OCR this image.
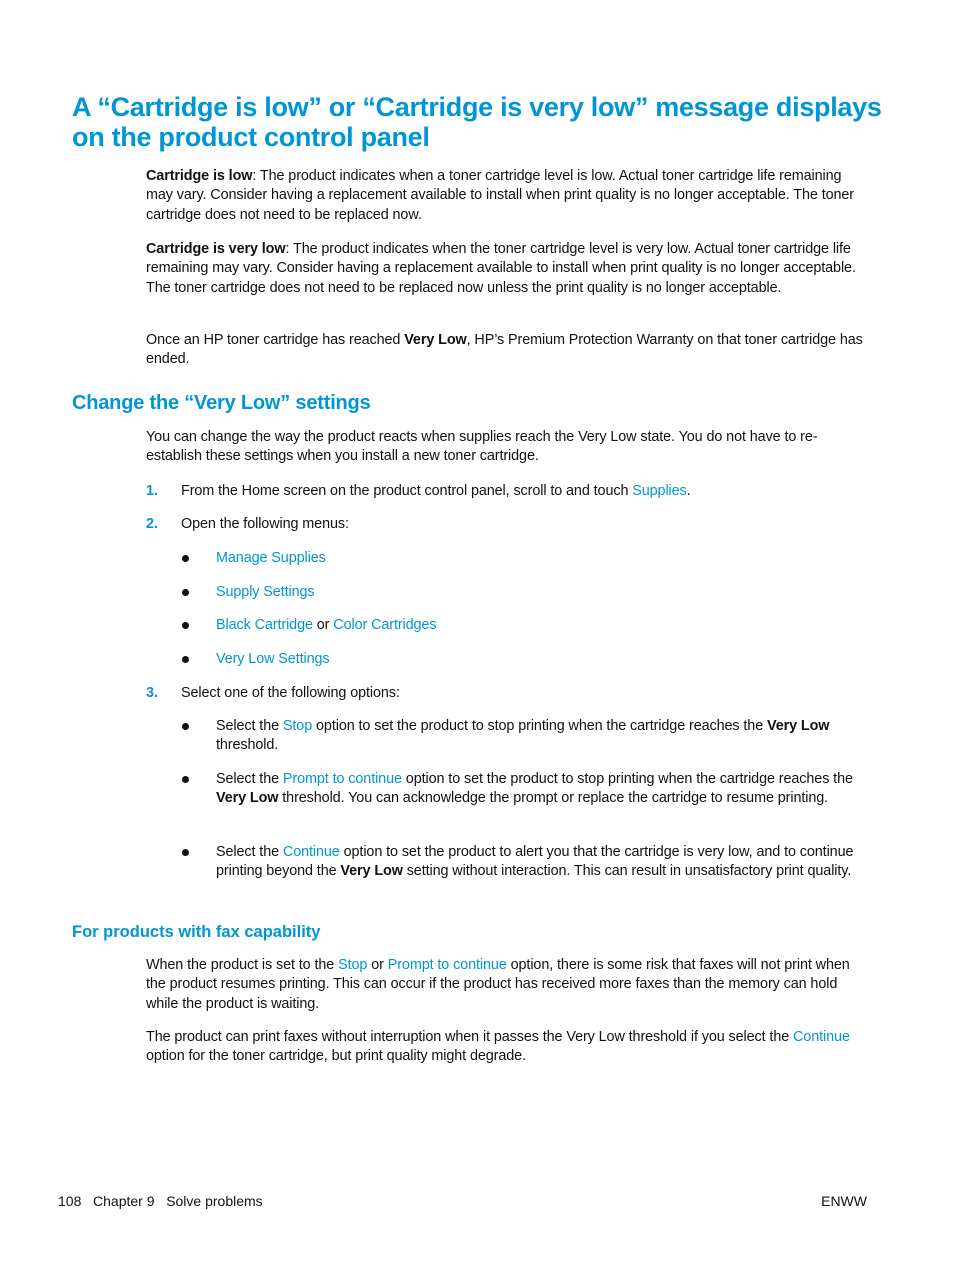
A “Cartridge is low” or “Cartridge is very low” message displays on the product control panel

Cartridge is low: The product indicates when a toner cartridge level is low. Actual toner cartridge life remaining may vary. Consider having a replacement available to install when print quality is no longer acceptable. The toner cartridge does not need to be replaced now.

Cartridge is very low: The product indicates when the toner cartridge level is very low. Actual toner cartridge life remaining may vary. Consider having a replacement available to install when print quality is no longer acceptable. The toner cartridge does not need to be replaced now unless the print quality is no longer acceptable.

Once an HP toner cartridge has reached Very Low, HP’s Premium Protection Warranty on that toner cartridge has ended.

Change the “Very Low” settings

You can change the way the product reacts when supplies reach the Very Low state. You do not have to re-establish these settings when you install a new toner cartridge.

1. From the Home screen on the product control panel, scroll to and touch Supplies.

2. Open the following menus:

Manage Supplies

Supply Settings

Black Cartridge or Color Cartridges

Very Low Settings

3. Select one of the following options:

Select the Stop option to set the product to stop printing when the cartridge reaches the Very Low threshold.

Select the Prompt to continue option to set the product to stop printing when the cartridge reaches the Very Low threshold. You can acknowledge the prompt or replace the cartridge to resume printing.

Select the Continue option to set the product to alert you that the cartridge is very low, and to continue printing beyond the Very Low setting without interaction. This can result in unsatisfactory print quality.

For products with fax capability

When the product is set to the Stop or Prompt to continue option, there is some risk that faxes will not print when the product resumes printing. This can occur if the product has received more faxes than the memory can hold while the product is waiting.

The product can print faxes without interruption when it passes the Very Low threshold if you select the Continue option for the toner cartridge, but print quality might degrade.

108 Chapter 9 Solve problems	ENWW
